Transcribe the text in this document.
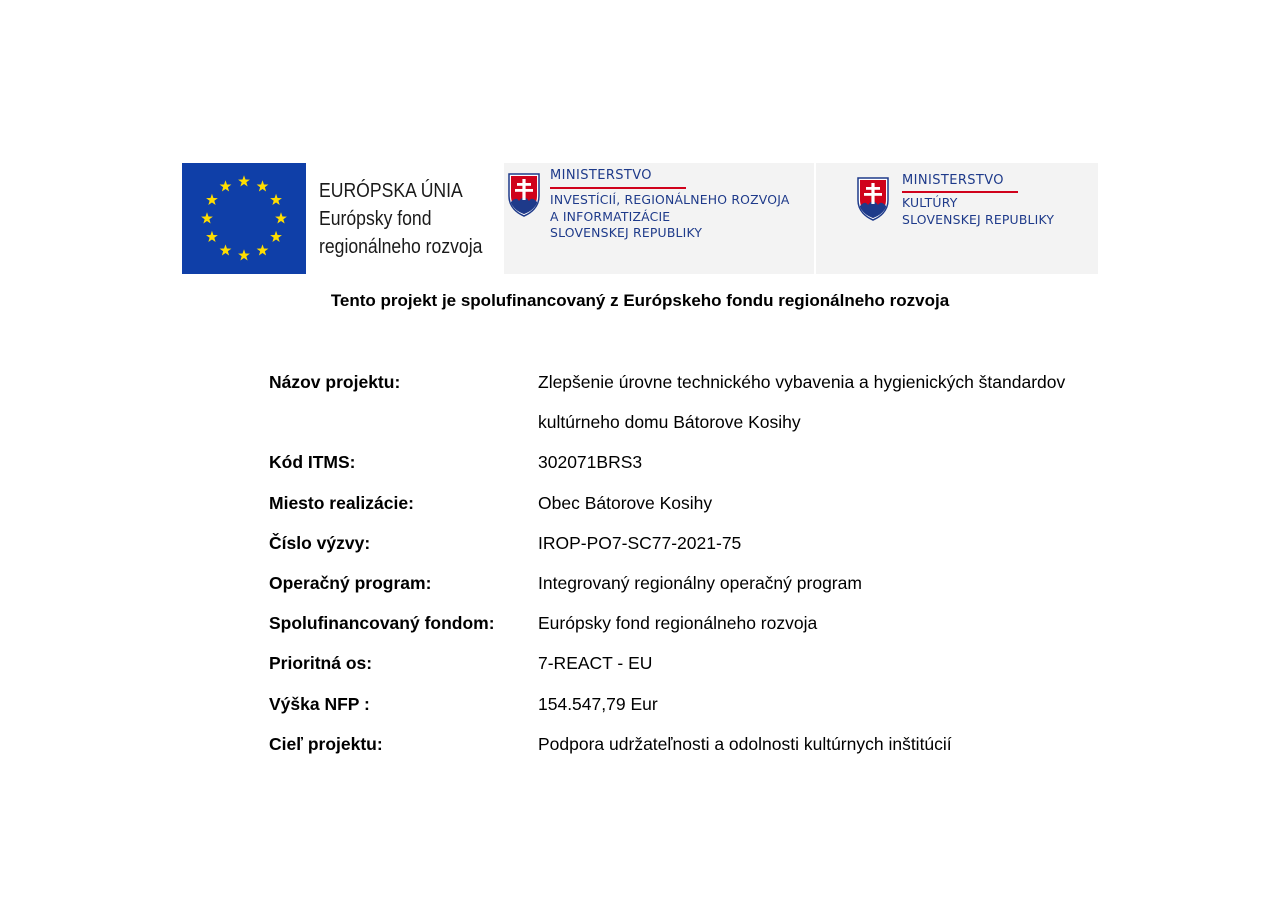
EURÓPSKA ÚNIA
Európsky fond
regionálneho rozvoja
MINISTERSTVO
INVESTÍCIÍ, REGIONÁLNEHO ROZVOJA
A INFORMATIZÁCIE
SLOVENSKEJ REPUBLIKY
MINISTERSTVO
KULTÚRY
SLOVENSKEJ REPUBLIKY
Tento projekt je spolufinancovaný z Európskeho fondu regionálneho rozvoja
Názov projektu:	Zlepšenie úrovne technického vybavenia a hygienických štandardov
kultúrneho domu Bátorove Kosihy
Kód ITMS:	302071BRS3
Miesto realizácie:	Obec Bátorove Kosihy
Číslo výzvy:	IROP-PO7-SC77-2021-75
Operačný program:	Integrovaný regionálny operačný program
Spolufinancovaný fondom:	Európsky fond regionálneho rozvoja
Prioritná os:	7-REACT - EU
Výška NFP :	154.547,79 Eur
Cieľ projektu:	Podpora udržateľnosti a odolnosti kultúrnych inštitúcií
